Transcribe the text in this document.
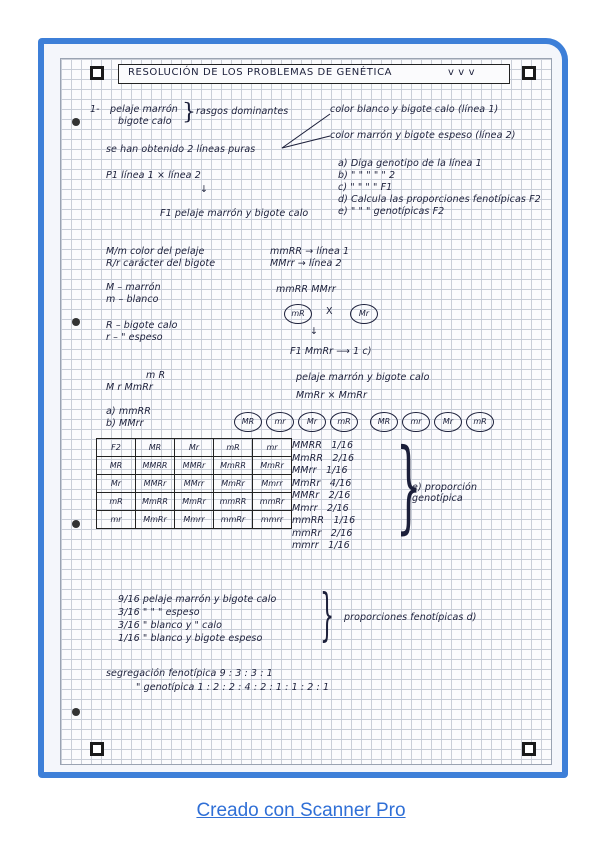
RESOLUCIÓN DE LOS PROBLEMAS DE GENÉTICA	v v v
1- pelaje marrón
bigote calo } rasgos dominantes	color blanco y bigote calo (línea 1)
color marrón y bigote espeso (línea 2)
se han obtenido 2 líneas puras
P1 línea 1 × línea 2
a) Diga genotipo de la línea 1
b) " " " " " 2
c) " " " " F1
d) Calcula las proporciones fenotípicas F2
e) " " " genotípicas F2
↓
F1 pelaje marrón y bigote calo
M/m color del pelaje
R/r carácter del bigote
mmRR → línea 1
MMrr → línea 2
M – marrón
m – blanco
mmRR MMrr
mR	X	Mr
R – bigote calo
r – " espeso
↓
F1 MmRr ⟶ 1 c)
pelaje marrón y bigote calo
MmRr × MmRr
m R
M r MmRr
a) mmRR
b) MMrr	MR	mr	Mr	mR	MR	mr	Mr	mR
F2	MR	Mr	mR	mr
MR	MMRR	MMRr	MmRR	MmRr
Mr	MMRr	MMrr	MmRr	Mmrr
mR	MmRR	MmRr	mmRR	mmRr
mr	MmRr	Mmrr	mmRr	mmrr
MMRR 1/16
MmRR 2/16
MMrr 1/16
MmRr 4/16
MMRr 2/16
Mmrr 2/16
mmRR 1/16
mmRr 2/16
mmrr 1/16
}
e) proporción genotípica
9/16 pelaje marrón y bigote calo
3/16 " " " espeso
3/16 " blanco y " calo
1/16 " blanco y bigote espeso } proporciones fenotípicas d)
segregación fenotípica 9 : 3 : 3 : 1
" genotípica 1 : 2 : 2 : 4 : 2 : 1 : 1 : 2 : 1
Creado con Scanner Pro
